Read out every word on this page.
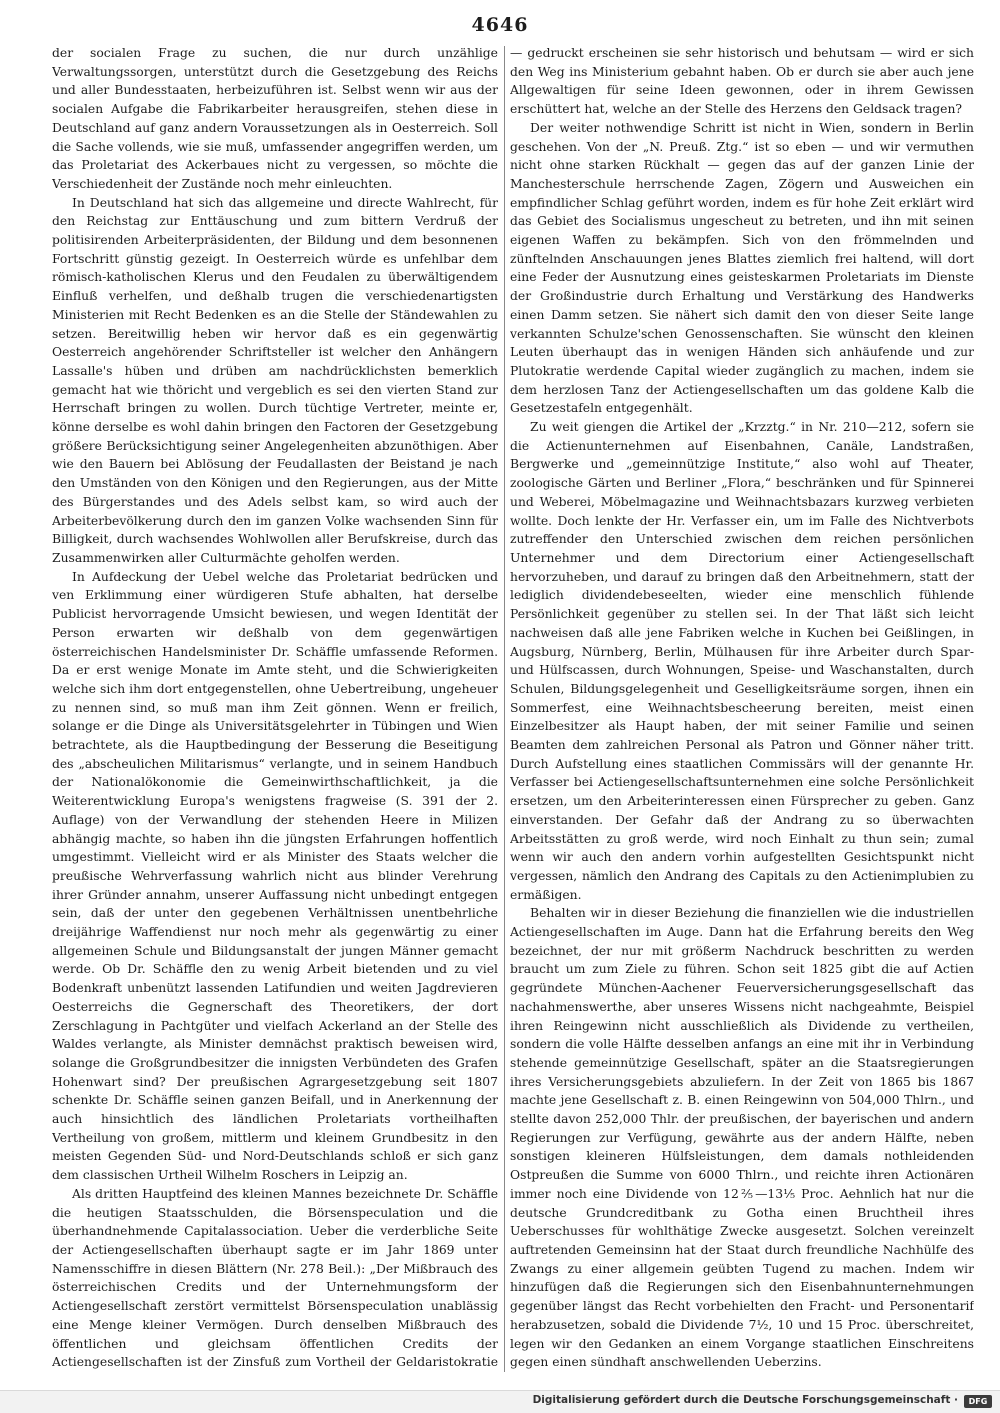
4646

der socialen Frage zu suchen, die nur durch unzählige Verwaltungssorgen, unterstützt durch die Gesetzgebung des Reichs und aller Bundesstaaten, herbeizuführen ist. Selbst wenn wir aus der socialen Aufgabe die Fabrikarbeiter herausgreifen, stehen diese in Deutschland auf ganz andern Voraussetzungen als in Oesterreich. Soll die Sache vollends, wie sie muß, umfassender angegriffen werden, um das Proletariat des Ackerbaues nicht zu vergessen, so möchte die Verschiedenheit der Zustände noch mehr einleuchten.

In Deutschland hat sich das allgemeine und directe Wahlrecht, für den Reichstag zur Enttäuschung und zum bittern Verdruß der politisirenden Arbeiterpräsidenten, der Bildung und dem besonnenen Fortschritt günstig gezeigt. In Oesterreich würde es unfehlbar dem römisch-katholischen Klerus und den Feudalen zu überwältigendem Einfluß verhelfen, und deßhalb trugen die verschiedenartigsten Ministerien mit Recht Bedenken es an die Stelle der Ständewahlen zu setzen. Bereitwillig heben wir hervor daß es ein gegenwärtig Oesterreich angehörender Schriftsteller ist welcher den Anhängern Lassalle's hüben und drüben am nachdrücklichsten bemerklich gemacht hat wie thöricht und vergeblich es sei den vierten Stand zur Herrschaft bringen zu wollen. Durch tüchtige Vertreter, meinte er, könne derselbe es wohl dahin bringen den Factoren der Gesetzgebung größere Berücksichtigung seiner Angelegenheiten abzunöthigen. Aber wie den Bauern bei Ablösung der Feudallasten der Beistand je nach den Umständen von den Königen und den Regierungen, aus der Mitte des Bürgerstandes und des Adels selbst kam, so wird auch der Arbeiterbevölkerung durch den im ganzen Volke wachsenden Sinn für Billigkeit, durch wachsendes Wohlwollen aller Berufskreise, durch das Zusammenwirken aller Culturmächte geholfen werden.

In Aufdeckung der Uebel welche das Proletariat bedrücken und ven Erklimmung einer würdigeren Stufe abhalten, hat derselbe Publicist hervorragende Umsicht bewiesen, und wegen Identität der Person erwarten wir deßhalb von dem gegenwärtigen österreichischen Handelsminister Dr. Schäffle umfassende Reformen. Da er erst wenige Monate im Amte steht, und die Schwierigkeiten welche sich ihm dort entgegenstellen, ohne Uebertreibung, ungeheuer zu nennen sind, so muß man ihm Zeit gönnen. Wenn er freilich, solange er die Dinge als Universitätsgelehrter in Tübingen und Wien betrachtete, als die Hauptbedingung der Besserung die Beseitigung des „abscheulichen Militarismus“ verlangte, und in seinem Handbuch der Nationalökonomie die Gemeinwirthschaftlichkeit, ja die Weiterentwicklung Europa's wenigstens fragweise (S. 391 der 2. Auflage) von der Verwandlung der stehenden Heere in Milizen abhängig machte, so haben ihn die jüngsten Erfahrungen hoffentlich umgestimmt. Vielleicht wird er als Minister des Staats welcher die preußische Wehrverfassung wahrlich nicht aus blinder Verehrung ihrer Gründer annahm, unserer Auffassung nicht unbedingt entgegen sein, daß der unter den gegebenen Verhältnissen unentbehrliche dreijährige Waffendienst nur noch mehr als gegenwärtig zu einer allgemeinen Schule und Bildungsanstalt der jungen Männer gemacht werde. Ob Dr. Schäffle den zu wenig Arbeit bietenden und zu viel Bodenkraft unbenützt lassenden Latifundien und weiten Jagdrevieren Oesterreichs die Gegnerschaft des Theoretikers, der dort Zerschlagung in Pachtgüter und vielfach Ackerland an der Stelle des Waldes verlangte, als Minister demnächst praktisch beweisen wird, solange die Großgrundbesitzer die innigsten Verbündeten des Grafen Hohenwart sind? Der preußischen Agrargesetzgebung seit 1807 schenkte Dr. Schäffle seinen ganzen Beifall, und in Anerkennung der auch hinsichtlich des ländlichen Proletariats vortheilhaften Vertheilung von großem, mittlerm und kleinem Grundbesitz in den meisten Gegenden Süd- und Nord-Deutschlands schloß er sich ganz dem classischen Urtheil Wilhelm Roschers in Leipzig an.

Als dritten Hauptfeind des kleinen Mannes bezeichnete Dr. Schäffle die heutigen Staatsschulden, die Börsenspeculation und die überhandnehmende Capitalassociation. Ueber die verderbliche Seite der Actiengesellschaften überhaupt sagte er im Jahr 1869 unter Namensschiffre in diesen Blättern (Nr. 278 Beil.): „Der Mißbrauch des österreichischen Credits und der Unternehmungsform der Actiengesellschaft zerstört vermittelst Börsenspeculation unablässig eine Menge kleiner Vermögen. Durch denselben Mißbrauch des öffentlichen und gleichsam öffentlichen Credits der Actiengesellschaften ist der Zinsfuß zum Vortheil der Geldaristokratie

— gedruckt erscheinen sie sehr historisch und behutsam — wird er sich den Weg ins Ministerium gebahnt haben. Ob er durch sie aber auch jene Allgewaltigen für seine Ideen gewonnen, oder in ihrem Gewissen erschüttert hat, welche an der Stelle des Herzens den Geldsack tragen?

Der weiter nothwendige Schritt ist nicht in Wien, sondern in Berlin geschehen. Von der „N. Preuß. Ztg.“ ist so eben — und wir vermuthen nicht ohne starken Rückhalt — gegen das auf der ganzen Linie der Manchesterschule herrschende Zagen, Zögern und Ausweichen ein empfindlicher Schlag geführt worden, indem es für hohe Zeit erklärt wird das Gebiet des Socialismus ungescheut zu betreten, und ihn mit seinen eigenen Waffen zu bekämpfen. Sich von den frömmelnden und zünftelnden Anschauungen jenes Blattes ziemlich frei haltend, will dort eine Feder der Ausnutzung eines geisteskarmen Proletariats im Dienste der Großindustrie durch Erhaltung und Verstärkung des Handwerks einen Damm setzen. Sie nähert sich damit den von dieser Seite lange verkannten Schulze'schen Genossenschaften. Sie wünscht den kleinen Leuten überhaupt das in wenigen Händen sich anhäufende und zur Plutokratie werdende Capital wieder zugänglich zu machen, indem sie dem herzlosen Tanz der Actiengesellschaften um das goldene Kalb die Gesetzestafeln entgegenhält.

Zu weit giengen die Artikel der „Krzztg.“ in Nr. 210—212, sofern sie die Actienunternehmen auf Eisenbahnen, Canäle, Landstraßen, Bergwerke und „gemeinnützige Institute,“ also wohl auf Theater, zoologische Gärten und Berliner „Flora,“ beschränken und für Spinnerei und Weberei, Möbelmagazine und Weihnachtsbazars kurzweg verbieten wollte. Doch lenkte der Hr. Verfasser ein, um im Falle des Nichtverbots zutreffender den Unterschied zwischen dem reichen persönlichen Unternehmer und dem Directorium einer Actiengesellschaft hervorzuheben, und darauf zu bringen daß den Arbeitnehmern, statt der lediglich dividendebeseelten, wieder eine menschlich fühlende Persönlichkeit gegenüber zu stellen sei. In der That läßt sich leicht nachweisen daß alle jene Fabriken welche in Kuchen bei Geißlingen, in Augsburg, Nürnberg, Berlin, Mülhausen für ihre Arbeiter durch Spar- und Hülfscassen, durch Wohnungen, Speise- und Waschanstalten, durch Schulen, Bildungsgelegenheit und Geselligkeitsräume sorgen, ihnen ein Sommerfest, eine Weihnachtsbescheerung bereiten, meist einen Einzelbesitzer als Haupt haben, der mit seiner Familie und seinen Beamten dem zahlreichen Personal als Patron und Gönner näher tritt. Durch Aufstellung eines staatlichen Commissärs will der genannte Hr. Verfasser bei Actiengesellschaftsunternehmen eine solche Persönlichkeit ersetzen, um den Arbeiterinteressen einen Fürsprecher zu geben. Ganz einverstanden. Der Gefahr daß der Andrang zu so überwachten Arbeitsstätten zu groß werde, wird noch Einhalt zu thun sein; zumal wenn wir auch den andern vorhin aufgestellten Gesichtspunkt nicht vergessen, nämlich den Andrang des Capitals zu den Actienimplubien zu ermäßigen.

Behalten wir in dieser Beziehung die finanziellen wie die industriellen Actiengesellschaften im Auge. Dann hat die Erfahrung bereits den Weg bezeichnet, der nur mit größerm Nachdruck beschritten zu werden braucht um zum Ziele zu führen. Schon seit 1825 gibt die auf Actien gegründete München-Aachener Feuerversicherungsgesellschaft das nachahmenswerthe, aber unseres Wissens nicht nachgeahmte, Beispiel ihren Reingewinn nicht ausschließlich als Dividende zu vertheilen, sondern die volle Hälfte desselben anfangs an eine mit ihr in Verbindung stehende gemeinnützige Gesellschaft, später an die Staatsregierungen ihres Versicherungsgebiets abzuliefern. In der Zeit von 1865 bis 1867 machte jene Gesellschaft z. B. einen Reingewinn von 504,000 Thlrn., und stellte davon 252,000 Thlr. der preußischen, der bayerischen und andern Regierungen zur Verfügung, gewährte aus der andern Hälfte, neben sonstigen kleineren Hülfsleistungen, dem damals nothleidenden Ostpreußen die Summe von 6000 Thlrn., und reichte ihren Actionären immer noch eine Dividende von 12⅖—13⅕ Proc. Aehnlich hat nur die deutsche Grundcreditbank zu Gotha einen Bruchtheil ihres Ueberschusses für wohlthätige Zwecke ausgesetzt. Solchen vereinzelt auftretenden Gemeinsinn hat der Staat durch freundliche Nachhülfe des Zwangs zu einer allgemein geübten Tugend zu machen. Indem wir hinzufügen daß die Regierungen sich den Eisenbahnunternehmungen gegenüber längst das Recht vorbehielten den Fracht- und Personentarif herabzusetzen, sobald die Dividende 7½, 10 und 15 Proc. überschreitet, legen wir den Gedanken an einem Vorgange staatlichen Einschreitens gegen einen sündhaft anschwellenden Ueberzins.

Digitalisierung gefördert durch die Deutsche Forschungsgemeinschaft ·	DFG
